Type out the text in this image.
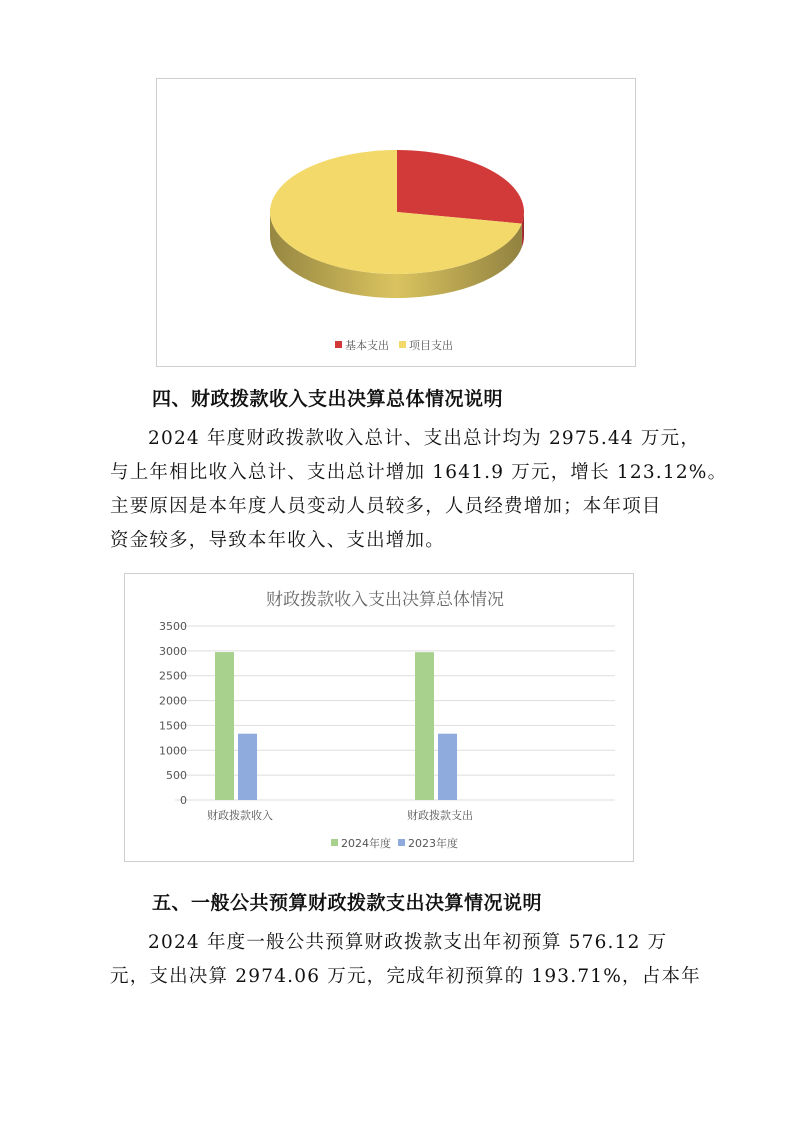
基本支出 项目支出
四、财政拨款收入支出决算总体情况说明
2024 年度财政拨款收入总计、支出总计均为 2975.44 万元，
与上年相比收入总计、支出总计增加 1641.9 万元，增长 123.12%。
主要原因是本年度人员变动人员较多，人员经费增加；本年项目
资金较多，导致本年收入、支出增加。
财政拨款收入支出决算总体情况
0
500
1000
1500
2000
2500
3000
3500
财政拨款收入	财政拨款支出
2024年度 2023年度
五、一般公共预算财政拨款支出决算情况说明
2024 年度一般公共预算财政拨款支出年初预算 576.12 万
元，支出决算 2974.06 万元，完成年初预算的 193.71%，占本年
